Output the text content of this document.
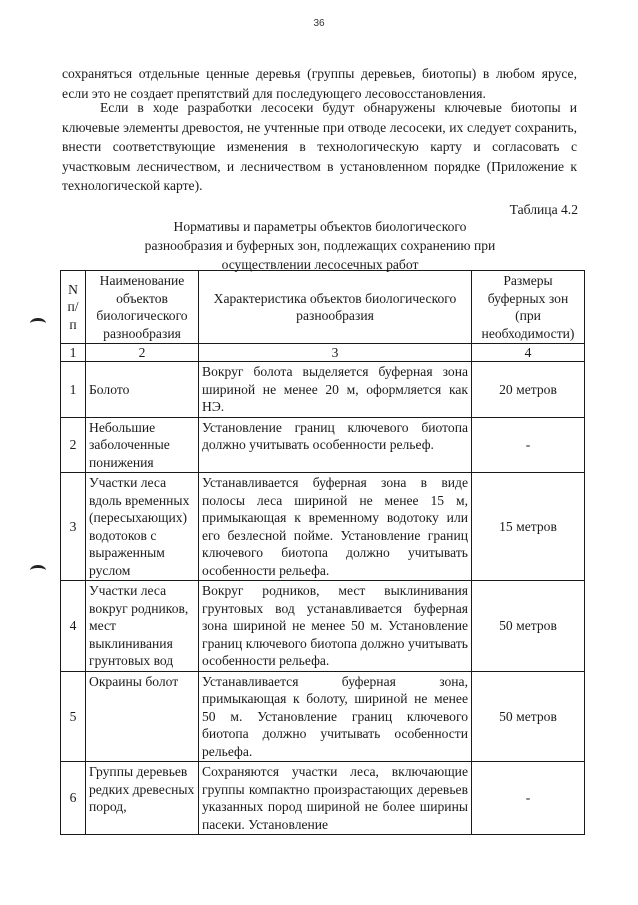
36

сохраняться отдельные ценные деревья (группы деревьев, биотопы) в любом ярусе, если это не создает препятствий для последующего лесовосстановления.

Если в ходе разработки лесосеки будут обнаружены ключевые биотопы и ключевые элементы древостоя, не учтенные при отводе лесосеки, их следует сохранить, внести соответствующие изменения в технологическую карту и согласовать с участковым лесничеством, и лесничеством в установленном порядке (Приложение к технологической карте).

Таблица 4.2
Нормативы и параметры объектов биологического разнообразия и буферных зон, подлежащих сохранению при осуществлении лесосечных работ
N п/п	Наименование объектов биологического разнообразия	Характеристика объектов биологического разнообразия	Размеры буферных зон (при необходимости)
1	2	3	4
1	Болото	Вокруг болота выделяется буферная зона шириной не менее 20 м, оформляется как НЭ.	20 метров
2	Небольшие заболоченные понижения	Установление границ ключевого биотопа должно учитывать особенности рельеф.	-
3	Участки леса вдоль временных (пересыхающих) водотоков с выраженным руслом	Устанавливается буферная зона в виде полосы леса шириной не менее 15 м, примыкающая к временному водотоку или его безлесной пойме. Установление границ ключевого биотопа должно учитывать особенности рельефа.	15 метров
4	Участки леса вокруг родников, мест выклинивания грунтовых вод	Вокруг родников, мест выклинивания грунтовых вод устанавливается буферная зона шириной не менее 50 м. Установление границ ключевого биотопа должно учитывать особенности рельефа.	50 метров
5	Окраины болот	Устанавливается буферная зона, примыкающая к болоту, шириной не менее 50 м. Установление границ ключевого биотопа должно учитывать особенности рельефа.	50 метров
6	Группы деревьев редких древесных пород,	Сохраняются участки леса, включающие группы компактно произрастающих деревьев указанных пород шириной не более ширины пасеки. Установление	-
